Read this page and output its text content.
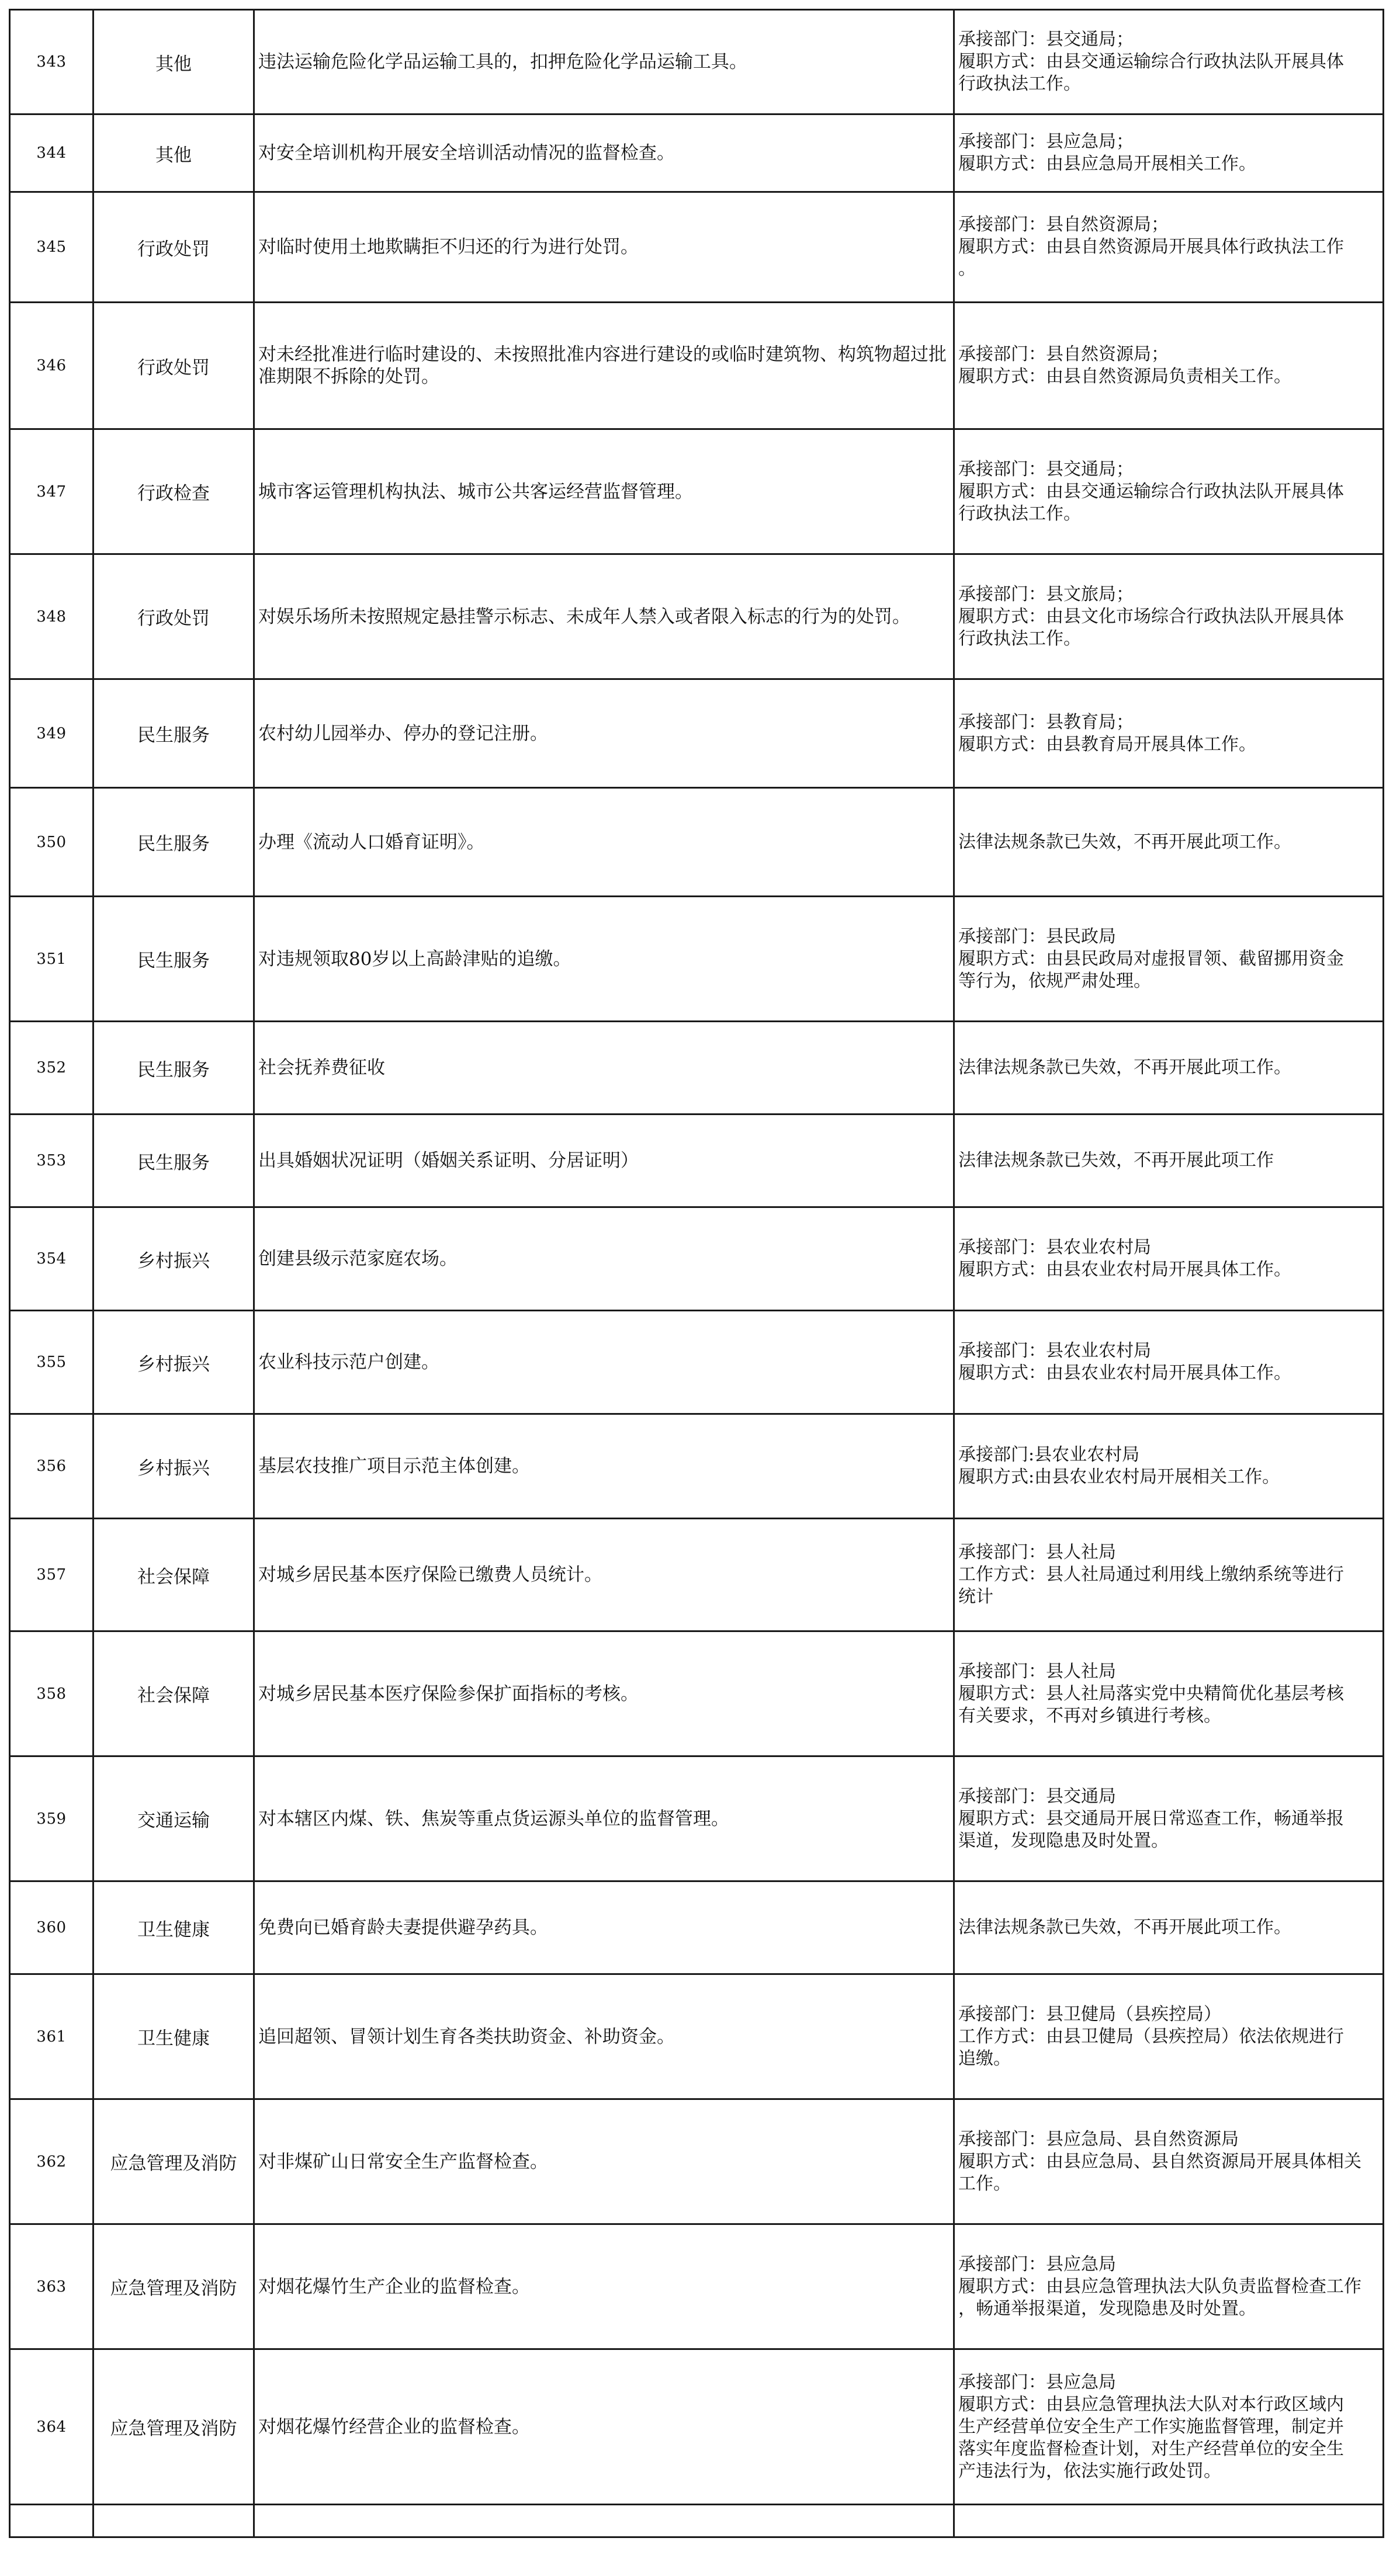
343	其他	违法运输危险化学品运输工具的，扣押危险化学品运输工具。	承接部门：县交通局；
履职方式：由县交通运输综合行政执法队开展具体
行政执法工作。

344	其他	对安全培训机构开展安全培训活动情况的监督检查。	承接部门：县应急局；
履职方式：由县应急局开展相关工作。

345	行政处罚	对临时使用土地欺瞒拒不归还的行为进行处罚。	承接部门：县自然资源局；
履职方式：由县自然资源局开展具体行政执法工作
。

346	行政处罚	对未经批准进行临时建设的、未按照批准内容进行建设的或临时建筑物、构筑物超过批准期限不拆除的处罚。	承接部门：县自然资源局；
履职方式：由县自然资源局负责相关工作。

347	行政检查	城市客运管理机构执法、城市公共客运经营监督管理。	承接部门：县交通局；
履职方式：由县交通运输综合行政执法队开展具体
行政执法工作。

348	行政处罚	对娱乐场所未按照规定悬挂警示标志、未成年人禁入或者限入标志的行为的处罚。	承接部门：县文旅局；
履职方式：由县文化市场综合行政执法队开展具体
行政执法工作。

349	民生服务	农村幼儿园举办、停办的登记注册。	承接部门：县教育局；
履职方式：由县教育局开展具体工作。

350	民生服务	办理《流动人口婚育证明》。	法律法规条款已失效，不再开展此项工作。

351	民生服务	对违规领取80岁以上高龄津贴的追缴。	承接部门：县民政局
履职方式：由县民政局对虚报冒领、截留挪用资金
等行为，依规严肃处理。

352	民生服务	社会抚养费征收	法律法规条款已失效，不再开展此项工作。

353	民生服务	出具婚姻状况证明（婚姻关系证明、分居证明）	法律法规条款已失效，不再开展此项工作

354	乡村振兴	创建县级示范家庭农场。	承接部门：县农业农村局
履职方式：由县农业农村局开展具体工作。

355	乡村振兴	农业科技示范户创建。	承接部门：县农业农村局
履职方式：由县农业农村局开展具体工作。

356	乡村振兴	基层农技推广项目示范主体创建。	承接部门:县农业农村局
履职方式:由县农业农村局开展相关工作。

357	社会保障	对城乡居民基本医疗保险已缴费人员统计。	承接部门：县人社局
工作方式：县人社局通过利用线上缴纳系统等进行
统计

358	社会保障	对城乡居民基本医疗保险参保扩面指标的考核。	承接部门：县人社局
履职方式：县人社局落实党中央精简优化基层考核
有关要求，不再对乡镇进行考核。

359	交通运输	对本辖区内煤、铁、焦炭等重点货运源头单位的监督管理。	承接部门：县交通局
履职方式：县交通局开展日常巡查工作，畅通举报
渠道，发现隐患及时处置。

360	卫生健康	免费向已婚育龄夫妻提供避孕药具。	法律法规条款已失效，不再开展此项工作。

361	卫生健康	追回超领、冒领计划生育各类扶助资金、补助资金。	承接部门：县卫健局（县疾控局）
工作方式：由县卫健局（县疾控局）依法依规进行
追缴。

362	应急管理及消防	对非煤矿山日常安全生产监督检查。	承接部门：县应急局、县自然资源局
履职方式：由县应急局、县自然资源局开展具体相关
工作。

363	应急管理及消防	对烟花爆竹生产企业的监督检查。	承接部门：县应急局
履职方式：由县应急管理执法大队负责监督检查工作
，畅通举报渠道，发现隐患及时处置。

364	应急管理及消防	对烟花爆竹经营企业的监督检查。	承接部门：县应急局
履职方式：由县应急管理执法大队对本行政区域内
生产经营单位安全生产工作实施监督管理，制定并
落实年度监督检查计划，对生产经营单位的安全生
产违法行为，依法实施行政处罚。
